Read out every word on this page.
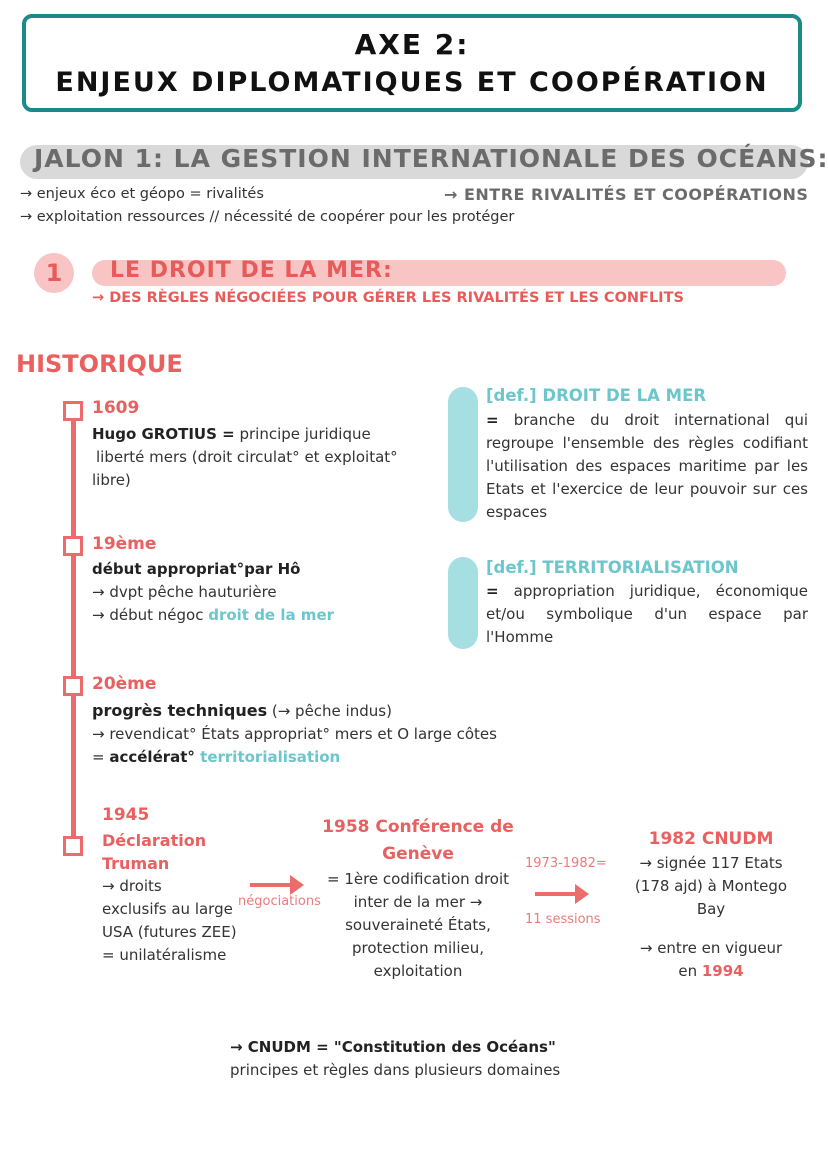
AXE 2:
ENJEUX DIPLOMATIQUES ET COOPÉRATION
JALON 1: LA GESTION INTERNATIONALE DES OCÉANS:
→ enjeux éco et géopo = rivalités
→ exploitation ressources // nécessité de coopérer pour les protéger
→ ENTRE RIVALITÉS ET COOPÉRATIONS
1	LE DROIT DE LA MER:
→ DES RÈGLES NÉGOCIÉES POUR GÉRER LES RIVALITÉS ET LES CONFLITS
HISTORIQUE
1609
Hugo GROTIUS = principe juridique
liberté mers (droit circulat° et exploitat°
libre)
19ème
début appropriat°par Hô
→ dvpt pêche hauturière
→ début négoc droit de la mer
20ème
progrès techniques (→ pêche indus)
→ revendicat° États appropriat° mers et O large côtes
= accélérat° territorialisation
[def.] DROIT DE LA MER
= branche du droit international qui regroupe l'ensemble des règles codifiant l'utilisation des espaces maritime par les Etats et l'exercice de leur pouvoir sur ces espaces
[def.] TERRITORIALISATION
= appropriation juridique, économique et/ou symbolique d'un espace par l'Homme
1945
Déclaration
Truman
→ droits
exclusifs au large
USA (futures ZEE)
= unilatéralisme
négociations
1958 Conférence de
Genève
= 1ère codification droit
inter de la mer →
souveraineté États,
protection milieu,
exploitation
1973-1982=
11 sessions
1982 CNUDM
→ signée 117 Etats
(178 ajd) à Montego
Bay
→ entre en vigueur
en 1994
→ CNUDM = "Constitution des Océans"
principes et règles dans plusieurs domaines
